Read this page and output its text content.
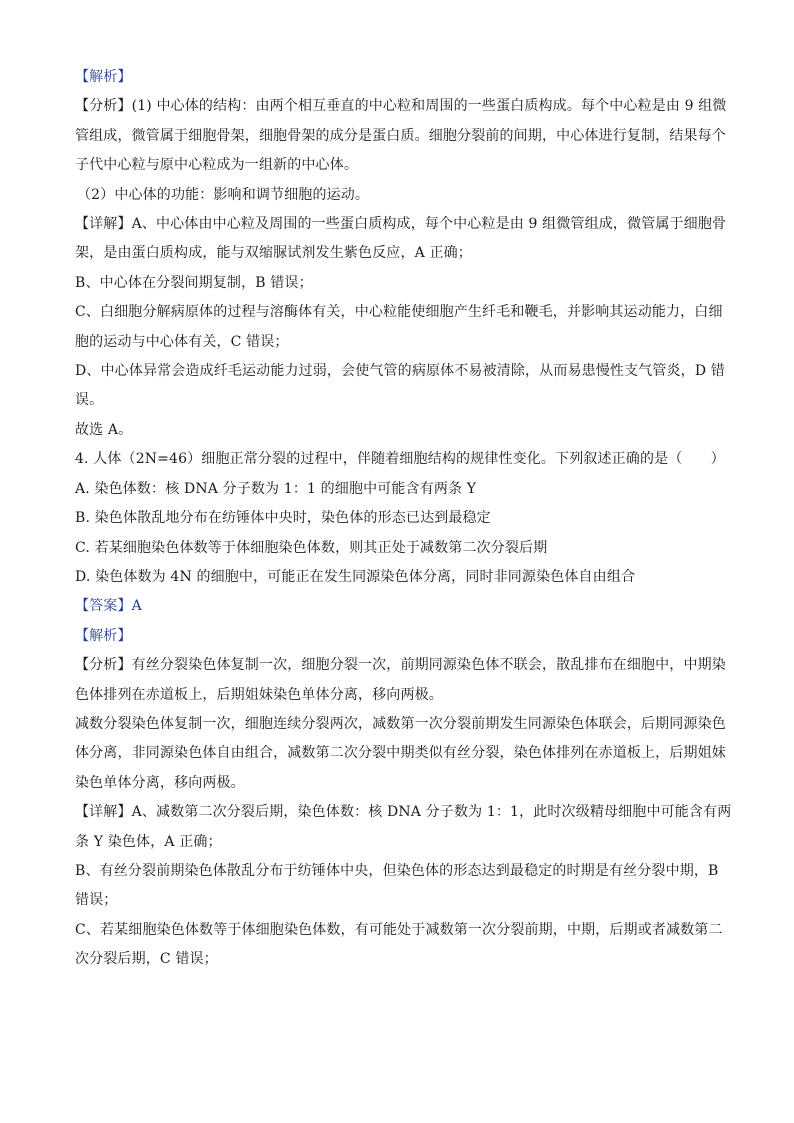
【解析】

【分析】(1) 中心体的结构：由两个相互垂直的中心粒和周围的一些蛋白质构成。每个中心粒是由 9 组微

管组成，微管属于细胞骨架，细胞骨架的成分是蛋白质。细胞分裂前的间期，中心体进行复制，结果每个

子代中心粒与原中心粒成为一组新的中心体。

（2）中心体的功能：影响和调节细胞的运动。

【详解】A、中心体由中心粒及周围的一些蛋白质构成，每个中心粒是由 9 组微管组成，微管属于细胞骨

架，是由蛋白质构成，能与双缩脲试剂发生紫色反应，A 正确；

B、中心体在分裂间期复制，B 错误；

C、白细胞分解病原体的过程与溶酶体有关，中心粒能使细胞产生纤毛和鞭毛，并影响其运动能力，白细

胞的运动与中心体有关，C 错误；

D、中心体异常会造成纤毛运动能力过弱，会使气管的病原体不易被清除，从而易患慢性支气管炎，D 错

误。

故选 A。

4. 人体（2N=46）细胞正常分裂的过程中，伴随着细胞结构的规律性变化。下列叙述正确的是（　　）

A. 染色体数：核 DNA 分子数为 1：1 的细胞中可能含有两条 Y

B. 染色体散乱地分布在纺锤体中央时，染色体的形态已达到最稳定

C. 若某细胞染色体数等于体细胞染色体数，则其正处于减数第二次分裂后期

D. 染色体数为 4N 的细胞中，可能正在发生同源染色体分离，同时非同源染色体自由组合

【答案】A

【解析】

【分析】有丝分裂染色体复制一次，细胞分裂一次，前期同源染色体不联会，散乱排布在细胞中，中期染

色体排列在赤道板上，后期姐妹染色单体分离，移向两极。

减数分裂染色体复制一次，细胞连续分裂两次，减数第一次分裂前期发生同源染色体联会，后期同源染色

体分离，非同源染色体自由组合，减数第二次分裂中期类似有丝分裂，染色体排列在赤道板上，后期姐妹

染色单体分离，移向两极。

【详解】A、减数第二次分裂后期，染色体数：核 DNA 分子数为 1：1，此时次级精母细胞中可能含有两

条 Y 染色体，A 正确；

B、有丝分裂前期染色体散乱分布于纺锤体中央，但染色体的形态达到最稳定的时期是有丝分裂中期，B

错误；

C、若某细胞染色体数等于体细胞染色体数，有可能处于减数第一次分裂前期，中期，后期或者减数第二

次分裂后期，C 错误；
